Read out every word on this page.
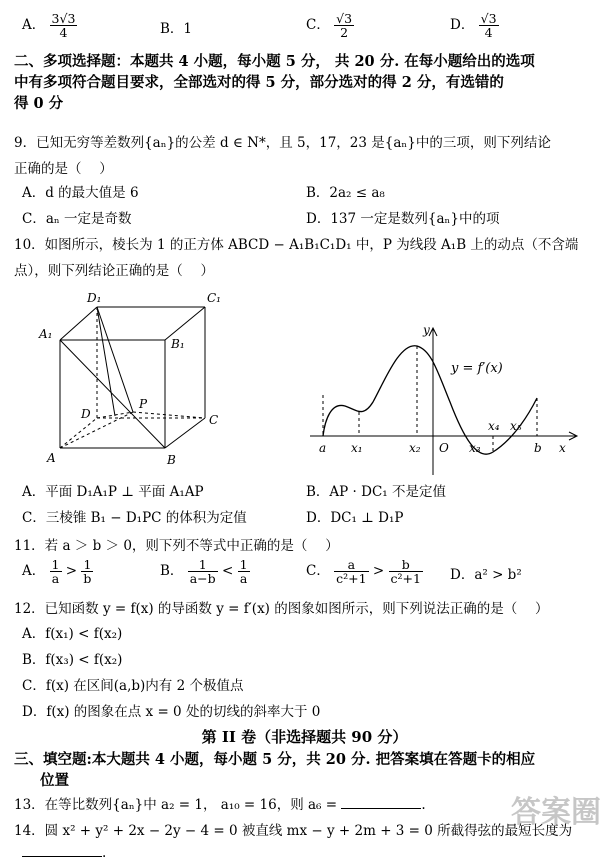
A． $\frac{3√3}{4}$	B．1	C． $\frac{√3}{2}$	D． $\frac{√3}{4}$
二、多项选择题：本题共 4 小题，每小题 5 分， 共 20 分. 在每小题给出的选项
中有多项符合题目要求，全部选对的得 5 分，部分选对的得 2 分，有选错的
得 0 分
9．已知无穷等差数列{aₙ}的公差 d ∈ N*，且 5，17，23 是{aₙ}中的三项，则下列结论
正确的是（　 ）
A．d 的最大值是 6	B．2a₂ ≤ a₈
C．aₙ 一定是奇数	D．137 一定是数列{aₙ}中的项
10．如图所示，棱长为 1 的正方体 ABCD − A₁B₁C₁D₁ 中，P 为线段 A₁B 上的动点（不含端
点），则下列结论正确的是（　 ）
D₁	C₁
A₁
B₁
D
P
C
A	B
y
y = f′(x)
a x₁	x₂ O x₃
x₄ x₅
b x
A．平面 D₁A₁P ⊥ 平面 A₁AP	B．AP · DC₁ 不是定值
C．三棱锥 B₁ − D₁PC 的体积为定值	D．DC₁ ⊥ D₁P
11．若 a ＞ b ＞ 0，则下列不等式中正确的是（　 ）
A． $\frac{1}{a} > \frac{1}{b}$	B． $\frac{1}{a-b} < \frac{1}{a}$	C． $\frac{a}{\text{c²+1}} > \frac{b}{\text{c²+1}}$ D．a² > b²
12．已知函数 y = f(x) 的导函数 y = f′(x) 的图象如图所示，则下列说法正确的是（　 ）
A．f(x₁) < f(x₂)
B．f(x₃) < f(x₂)
C．f(x) 在区间(a,b)内有 2 个极值点
D．f(x) 的图象在点 x = 0 处的切线的斜率大于 0
第 II 卷（非选择题共 90 分）
三、填空题:本大题共 4 小题，每小题 5 分，共 20 分. 把答案填在答题卡的相应
位置
13．在等比数列{aₙ}中 a₂ = 1， a₁₀ = 16，则 a₆ =	.
14．圆 x² + y² + 2x − 2y − 4 = 0 被直线 mx − y + 2m + 3 = 0 所截得弦的最短长度为
.
答案圈
